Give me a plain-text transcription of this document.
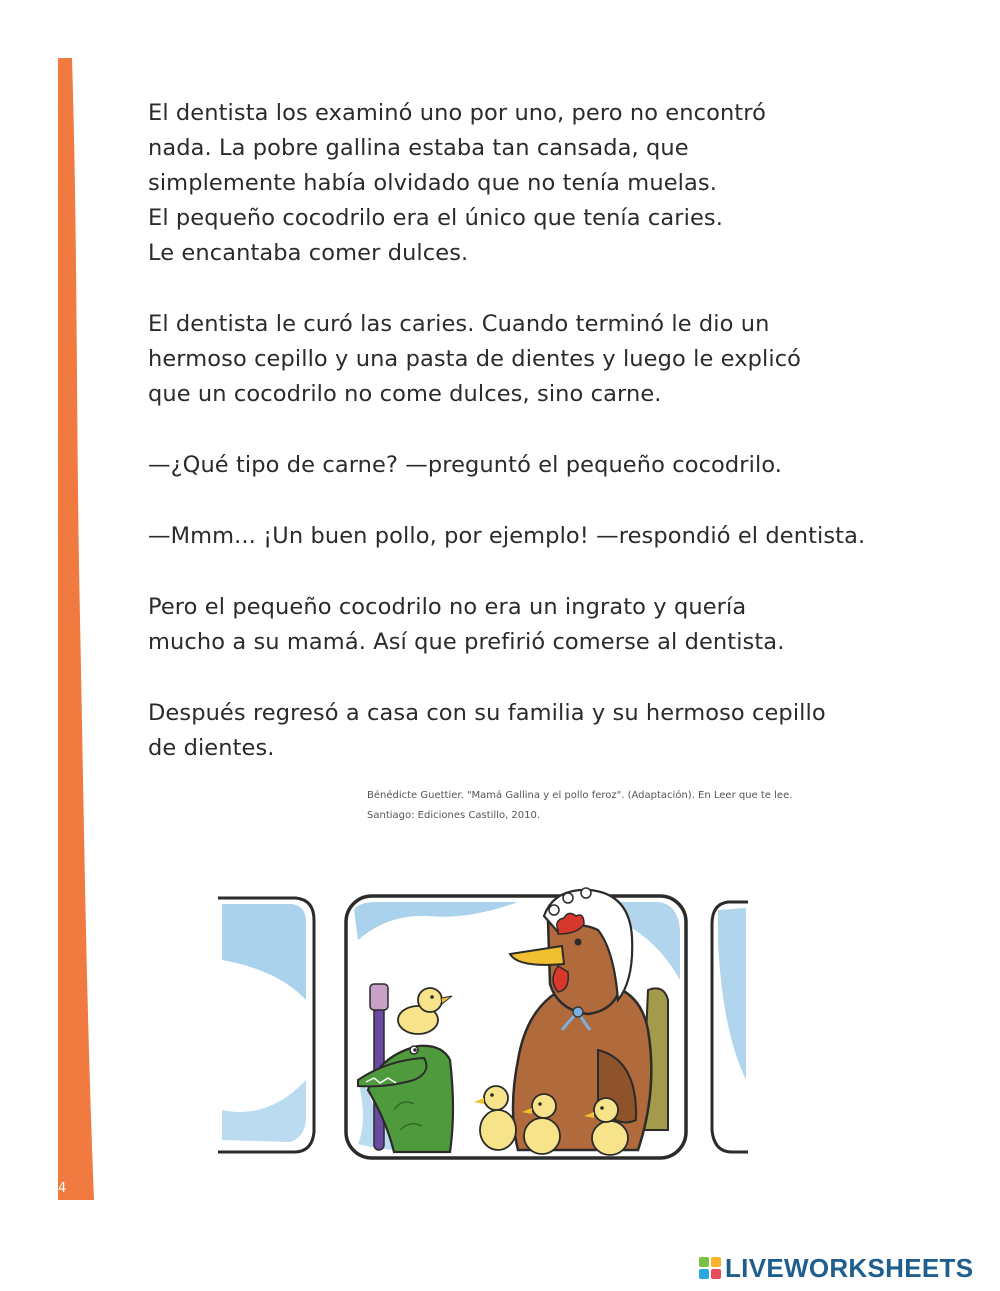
4

El dentista los examinó uno por uno, pero no encontró
nada. La pobre gallina estaba tan cansada, que
simplemente había olvidado que no tenía muelas.
El pequeño cocodrilo era el único que tenía caries.
Le encantaba comer dulces.

El dentista le curó las caries. Cuando terminó le dio un
hermoso cepillo y una pasta de dientes y luego le explicó
que un cocodrilo no come dulces, sino carne.

—¿Qué tipo de carne? —preguntó el pequeño cocodrilo.

—Mmm... ¡Un buen pollo, por ejemplo! —respondió el dentista.

Pero el pequeño cocodrilo no era un ingrato y quería
mucho a su mamá. Así que prefirió comerse al dentista.

Después regresó a casa con su familia y su hermoso cepillo
de dientes.

Bénédicte Guettier. "Mamá Gallina y el pollo feroz". (Adaptación). En Leer que te lee.
Santiago: Ediciones Castillo, 2010.
LIVEWORKSHEETS
